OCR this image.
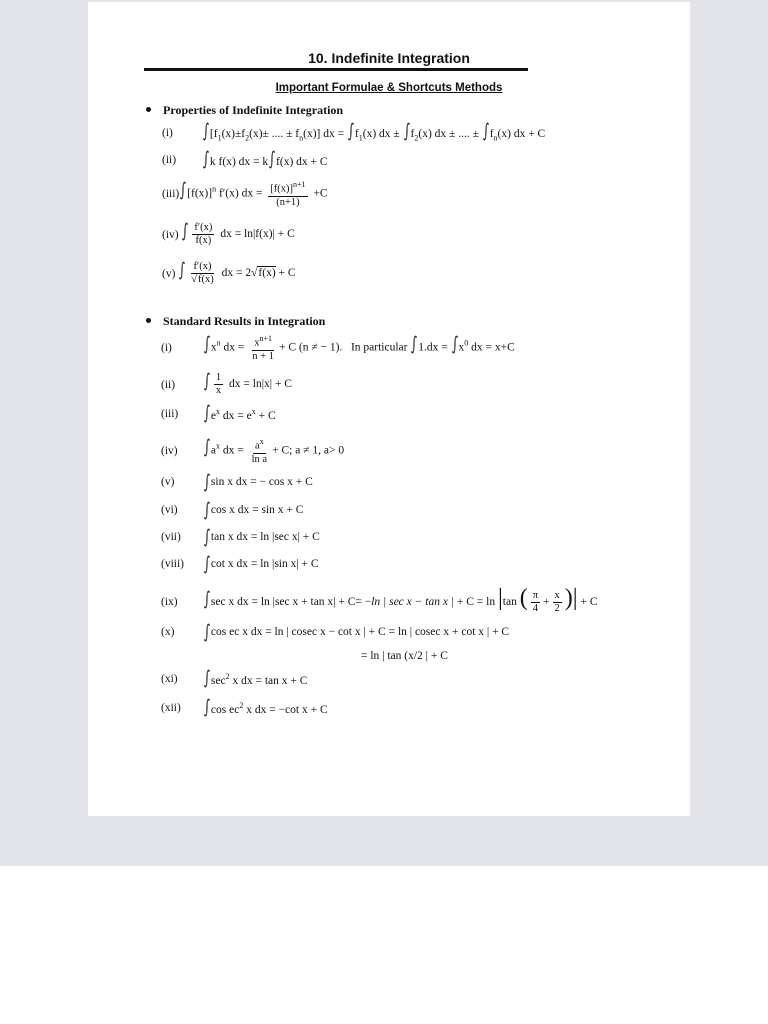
10. Indefinite Integration
Important Formulae & Shortcuts Methods
Properties of Indefinite Integration
(i)	$\int[f_1(x)\pm f_2(x)\pm$ .... ± $f_n(x)$] dx = $\int f_1(x)$ dx ± $\int f_2(x)$ dx ± .... ± $\int f_n(x)$ dx + C
(ii)	∫k f(x) dx = k∫f(x) dx + C
(iii) $\int[f(x)]^n$ f′(x) dx = $\frac{[f(x)]^{n+1}}{(n+1)} +C$
(iv)
∫ $\frac{f'(x)}{f(x)}$ dx = ln|f(x)| + C
(v)
∫ $\frac{f'(x)}{√f(x)}$ dx = 2√f(x) + C
Standard Results in Integration
(i)	$\int x^n$ dx = $\frac{x^{n+1}}{n + 1} + C$ (n ≠ − 1).   In particular $\int 1.dx = \int x^0$ dx = x+C
(ii)	∫ $\frac{1}{x}$ dx = ln|x| + C
(iii)	$\int e^x$ dx = $e^x + C$
(iv)	$\int a^x$ dx = $\frac{a^x}{\text{ln a}} + C$; a ≠ 1, a> 0
(v)	∫ sin x dx = − cos x + C
(vi)	∫ cos x dx = sin x + C
(vii)	∫ tan x dx = ln |sec x| + C
(viii)	∫ cot x dx = ln |sin x| + C
(ix)	∫sec x dx = ln |sec x + tan x| + C= −ln | sec x − tan x | + C = ln |tan ( $\frac{\pi}{4} + \frac{x}{2}$ )| + C
(x)	∫ cos ec x dx = ln | cosec x − cot x | + C = ln | cosec x + cot x | + C
= ln | tan (x/2 | + C
(xi)	$\int\sec^2$ x dx = tan x + C
(xii)	∫cos $ec^2$ x dx = −cot x + C
